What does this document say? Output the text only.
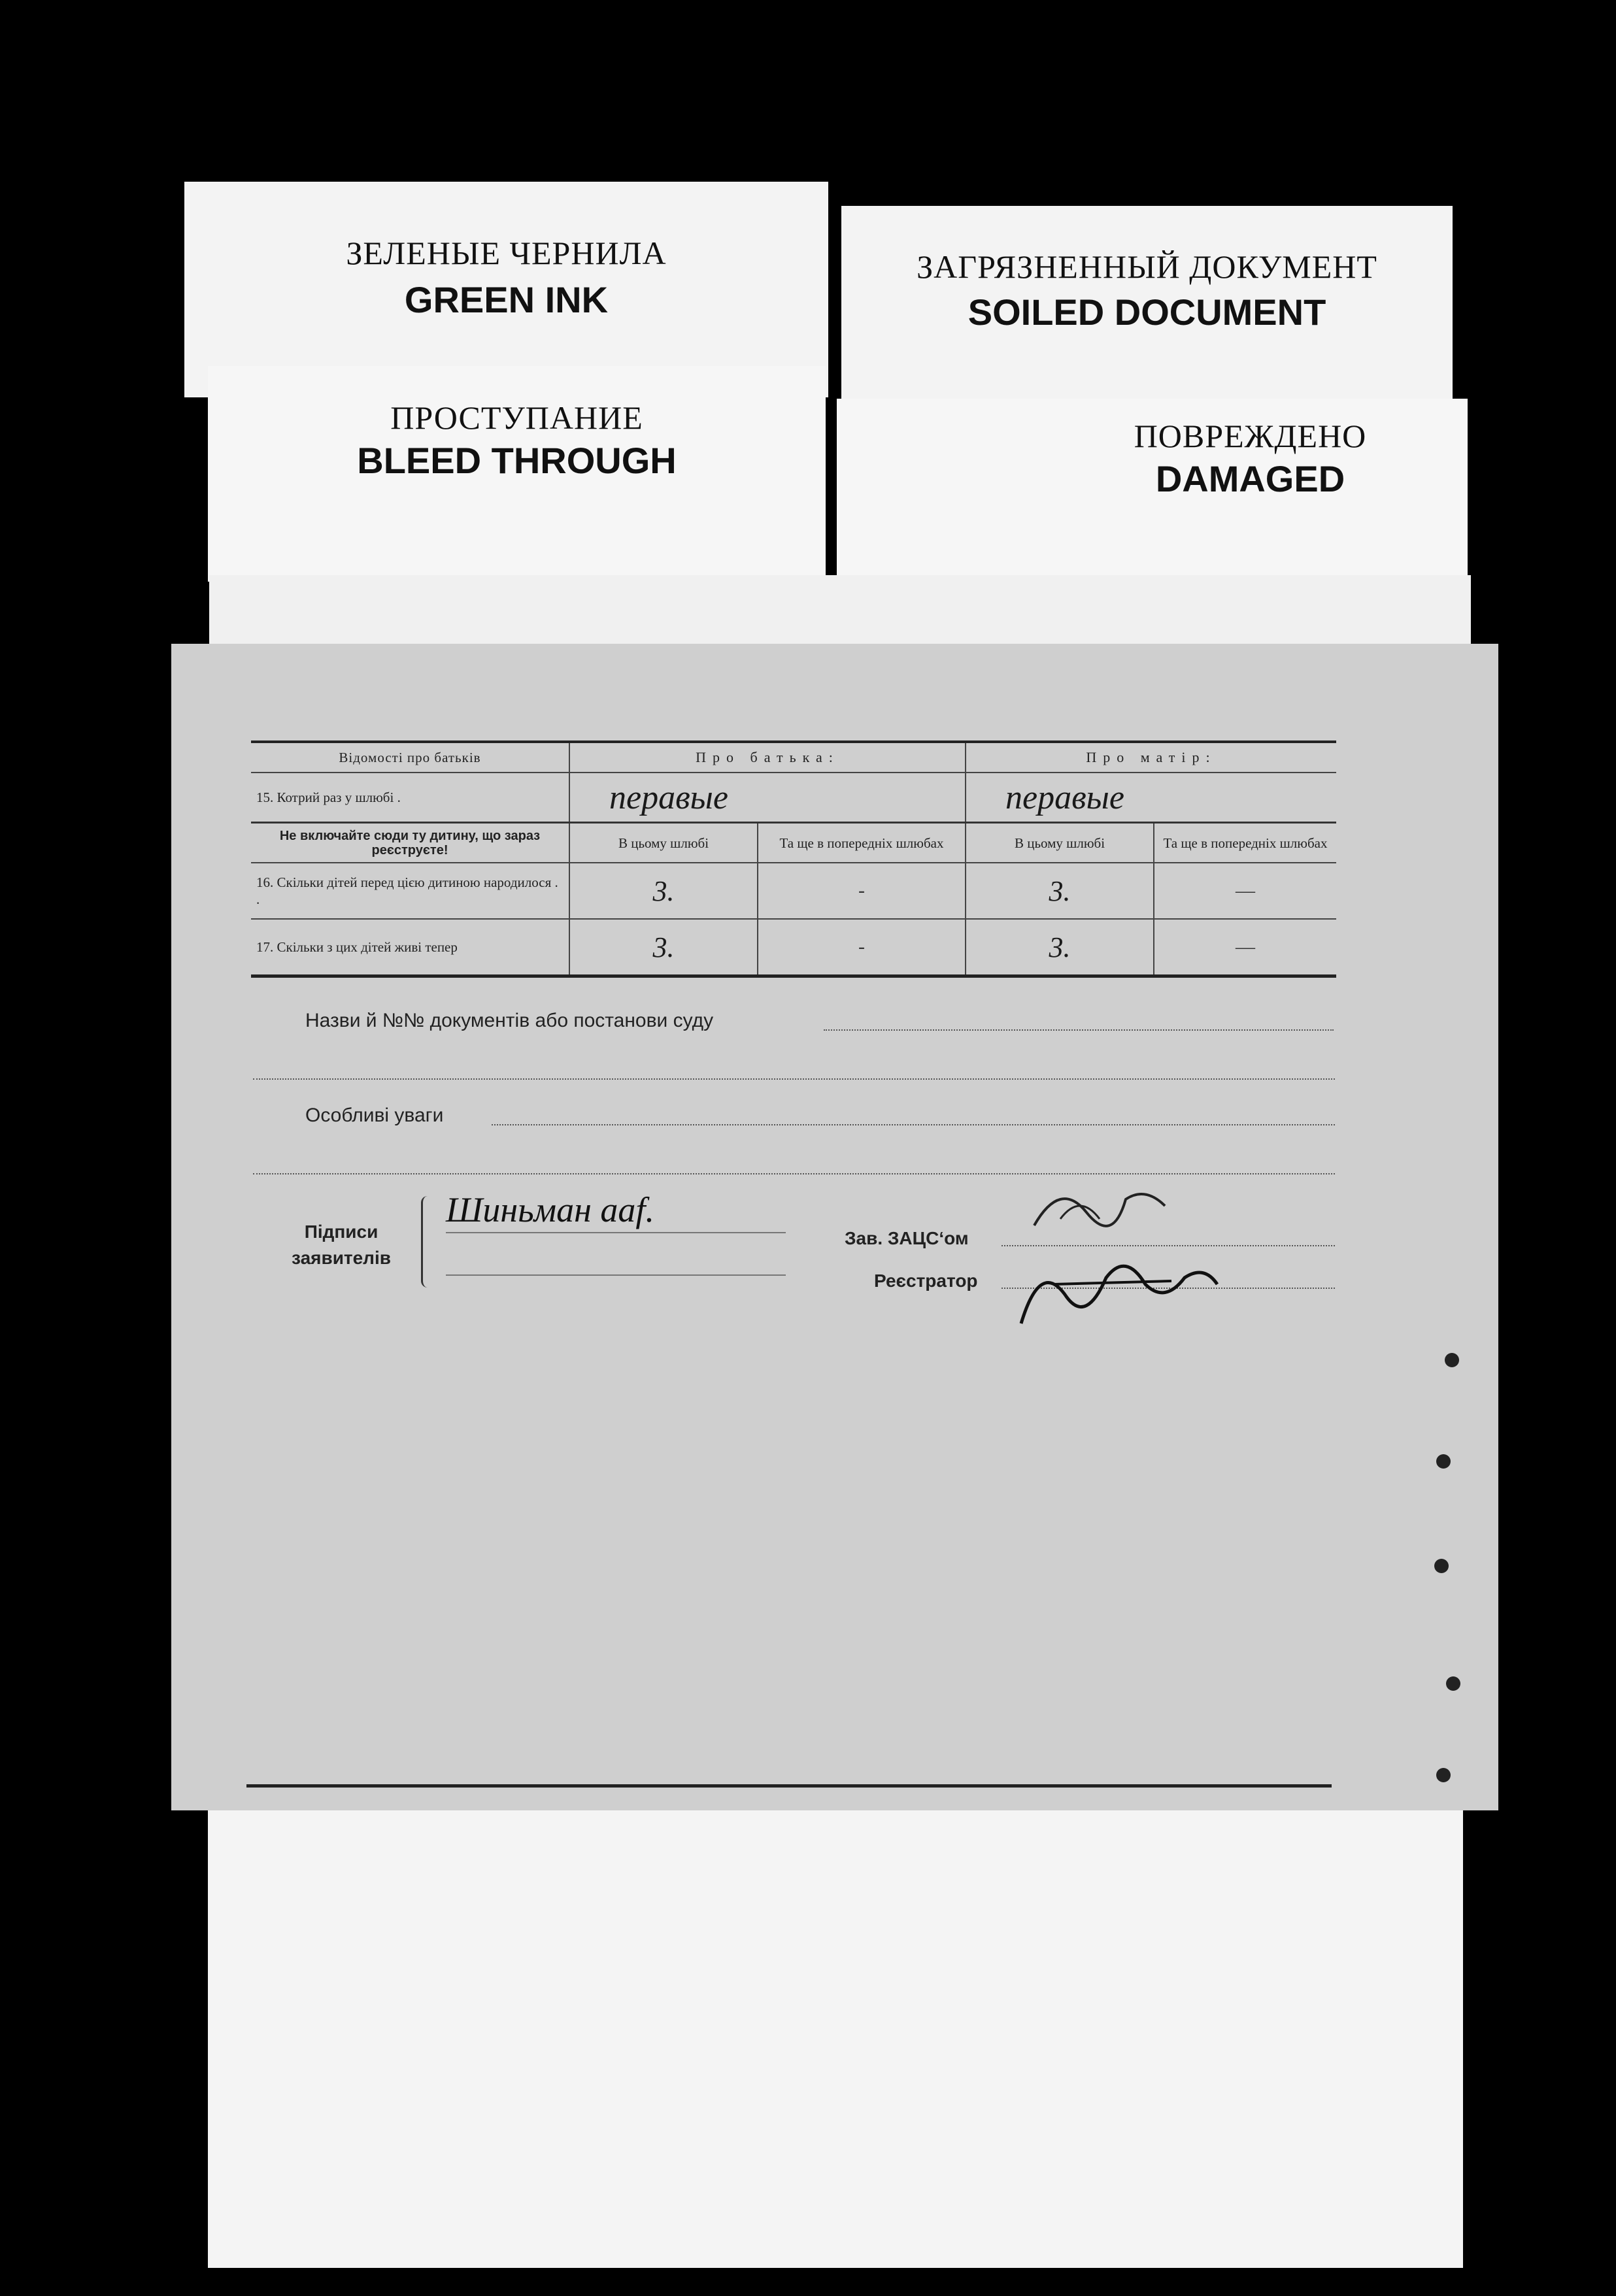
ЗЕЛЕНЫЕ ЧЕРНИЛА
GREEN INK
ЗАГРЯЗНЕННЫЙ ДОКУМЕНТ
SOILED DOCUMENT
ПРОСТУПАНИЕ
BLEED THROUGH
ПОВРЕЖДЕНО
DAMAGED
Відомості про батьків	Про батька:		Про матір:	
15. Котрий раз у шлюбі .	перавые		перавые	
Не включайте сюди ту дитину, що зараз реєструєте!	В цьому шлюбі	Та ще в попередніх шлюбах	В цьому шлюбі	Та ще в попередніх шлюбах
16. Скільки дітей перед цією дитиною народилося . .	3.	-	3.	—
17. Скільки з цих дітей живі тепер	3.	-	3.	—
Назви й №№ документів або постанови суду
Особливі уваги
Підписи заявителів
Шиньман ааf.
Зав. ЗАЦС‘ом
Реєстратор
